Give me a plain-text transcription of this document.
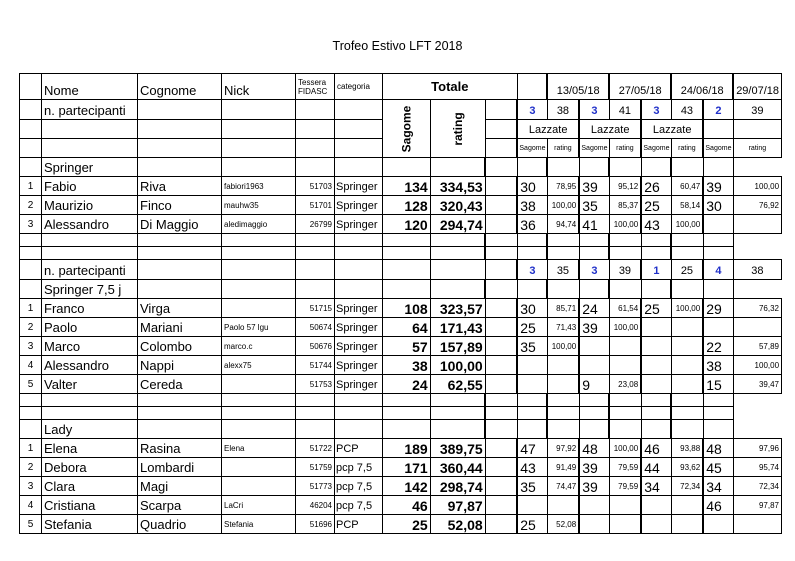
Trofeo Estivo LFT 2018
	Nome	Cognome	Nick	Tessera FIDASC	categoria	Totale				13/05/18		27/05/18		24/06/18		29/07/18
	n. partecipanti					Sagome	rating		3	38	3	41	3	43	2	39
									Lazzate		Lazzate		Lazzate			
									Sagome	rating	Sagome	rating	Sagome	rating	Sagome	rating
	Springer															
1	Fabio	Riva	fabiori1963	51703	Springer	134	334,53		30	78,95	39	95,12	26	60,47	39	100,00
2	Maurizio	Finco	mauhw35	51701	Springer	128	320,43		38	100,00	35	85,37	25	58,14	30	76,92
3	Alessandro	Di Maggio	aledimaggio	26799	Springer	120	294,74		36	94,74	41	100,00	43	100,00		

	n. partecipanti								3	35	3	39	1	25	4	38
	Springer 7,5 j															
1	Franco	Virga		51715	Springer	108	323,57		30	85,71	24	61,54	25	100,00	29	76,32
2	Paolo	Mariani	Paolo 57 lgu	50674	Springer	64	171,43		25	71,43	39	100,00				
3	Marco	Colombo	marco.c	50676	Springer	57	157,89		35	100,00					22	57,89
4	Alessandro	Nappi	alexx75	51744	Springer	38	100,00								38	100,00
5	Valter	Cereda		51753	Springer	24	62,55				9	23,08			15	39,47

	Lady															
1	Elena	Rasina	Elena	51722	PCP	189	389,75		47	97,92	48	100,00	46	93,88	48	97,96
2	Debora	Lombardi		51759	pcp 7,5	171	360,44		43	91,49	39	79,59	44	93,62	45	95,74
3	Clara	Magi		51773	pcp 7,5	142	298,74		35	74,47	39	79,59	34	72,34	34	72,34
4	Cristiana	Scarpa	LaCri	46204	pcp 7,5	46	97,87								46	97,87
5	Stefania	Quadrio	Stefania	51696	PCP	25	52,08		25	52,08						
